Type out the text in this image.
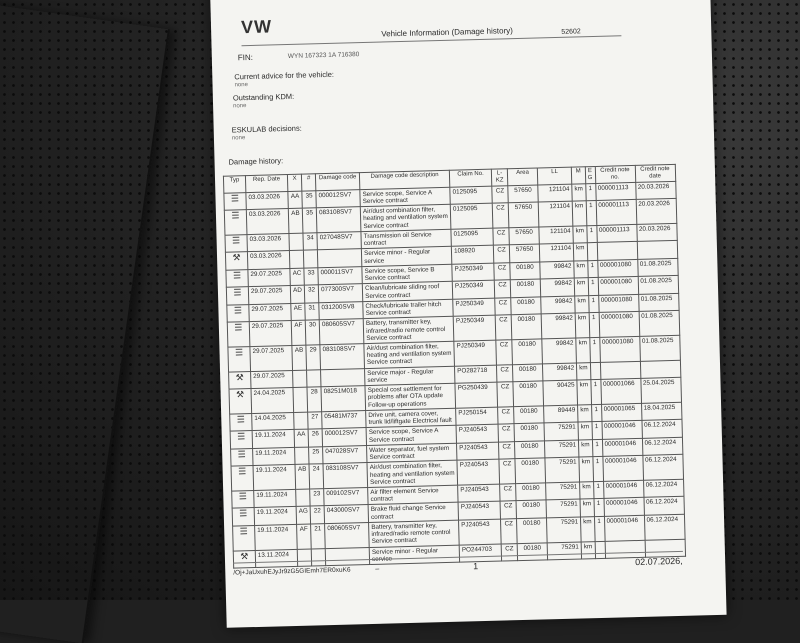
VW	Vehicle Information (Damage history)	52602
FIN:	WYN 167323 1A 716380
Current advice for the vehicle:
none
Outstanding KDM:
none
ESKULAB decisions:
none
Damage history:
Typ	Rep. Date	X	#	Damage code	Damage code description	Claim No.	L-KZ	Area	LL	M	E G	Credit note no.	Credit note date
☰	03.03.2026	AA	35	000012SV7	Service scope, Service A Service contract	0125095	CZ	57650	121104	km	1	000001113	20.03.2026
☰	03.03.2026	AB	35	083108SV7	Air/dust combination filter, heating and ventilation system Service contract	0125095	CZ	57650	121104	km	1	000001113	20.03.2026
☰	03.03.2026		34	027048SV7	Transmission oil Service contract	0125095	CZ	57650	121104	km	1	000001113	20.03.2026
⚒	03.03.2026				Service minor - Regular service	108920	CZ	57650	121104	km			
☰	29.07.2025	AC	33	000011SV7	Service scope, Service B Service contract	PJ250349	CZ	00180	99842	km	1	000001080	01.08.2025
☰	29.07.2025	AD	32	077300SV7	Clean/lubricate sliding roof Service contract	PJ250349	CZ	00180	99842	km	1	000001080	01.08.2025
☰	29.07.2025	AE	31	031200SV8	Check/lubricate trailer hitch Service contract	PJ250349	CZ	00180	99842	km	1	000001080	01.08.2025
☰	29.07.2025	AF	30	080605SV7	Battery, transmitter key, infrared/radio remote control Service contract	PJ250349	CZ	00180	99842	km	1	000001080	01.08.2025
☰	29.07.2025	AB	29	083108SV7	Air/dust combination filter, heating and ventilation system Service contract	PJ250349	CZ	00180	99842	km	1	000001080	01.08.2025
⚒	29.07.2025				Service major - Regular service	PO282718	CZ	00180	99842	km			
⚒	24.04.2025		28	08251M018	Special cost settlement for problems after OTA update Follow-up operations	PG250439	CZ	00180	90425	km	1	000001066	25.04.2025
☰	14.04.2025		27	05481M737	Drive unit, camera cover, trunk lid/liftgate Electrical fault	PJ250154	CZ	00180	89449	km	1	000001065	18.04.2025
☰	19.11.2024	AA	26	000012SV7	Service scope, Service A Service contract	PJ240543	CZ	00180	75291	km	1	000001046	06.12.2024
☰	19.11.2024		25	047028SV7	Water separator, fuel system Service contract	PJ240543	CZ	00180	75291	km	1	000001046	06.12.2024
☰	19.11.2024	AB	24	083108SV7	Air/dust combination filter, heating and ventilation system Service contract	PJ240543	CZ	00180	75291	km	1	000001046	06.12.2024
☰	19.11.2024		23	009102SV7	Air filter element Service contract	PJ240543	CZ	00180	75291	km	1	000001046	06.12.2024
☰	19.11.2024	AG	22	043000SV7	Brake fluid change Service contract	PJ240543	CZ	00180	75291	km	1	000001046	06.12.2024
☰	19.11.2024	AF	21	080605SV7	Battery, transmitter key, infrared/radio remote control Service contract	PJ240543	CZ	00180	75291	km	1	000001046	06.12.2024
⚒	13.11.2024				Service minor - Regular service	PO244703	CZ	00180	75291	km			
/Oj+JaUxuhEJyJr9zG5GIEmh7ER0xuK6	–	1	02.07.2026,
